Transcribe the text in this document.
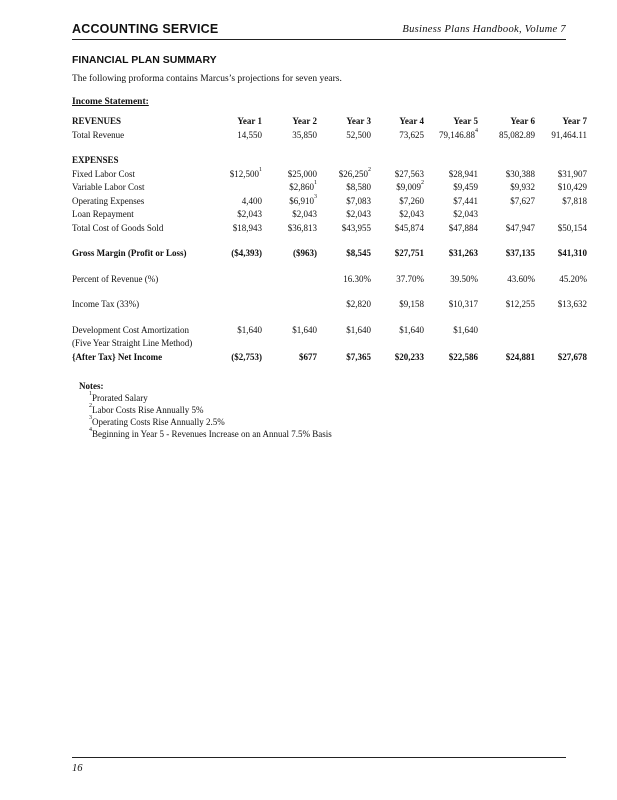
ACCOUNTING SERVICE	Business Plans Handbook, Volume 7
FINANCIAL PLAN SUMMARY
The following proforma contains Marcus’s projections for seven years.
Income Statement:
REVENUES	Year 1	Year 2	Year 3	Year 4	Year 5	Year 6	Year 7
Total Revenue	14,550	35,850	52,500	73,625	79,146.88$^4$	85,082.89	91,464.11

EXPENSES							
Fixed Labor Cost	$12,500$^1$	$25,000	$26,250$^2$	$27,563	$28,941	$30,388	$31,907
Variable Labor Cost		$2,860$^1$	$8,580	$9,009$^2$	$9,459	$9,932	$10,429
Operating Expenses	4,400	$6,910$^3$	$7,083	$7,260	$7,441	$7,627	$7,818
Loan Repayment	$2,043	$2,043	$2,043	$2,043	$2,043		
Total Cost of Goods Sold	$18,943	$36,813	$43,955	$45,874	$47,884	$47,947	$50,154

Gross Margin (Profit or Loss)	($4,393)	($963)	$8,545	$27,751	$31,263	$37,135	$41,310

Percent of Revenue (%)			16.30%	37.70%	39.50%	43.60%	45.20%

Income Tax (33%)			$2,820	$9,158	$10,317	$12,255	$13,632

Development Cost Amortization	$1,640	$1,640	$1,640	$1,640	$1,640		
(Five Year Straight Line Method)							
{After Tax} Net Income	($2,753)	$677	$7,365	$20,233	$22,586	$24,881	$27,678
Notes:
$^1$Prorated Salary
$^2$Labor Costs Rise Annually 5%
$^3$Operating Costs Rise Annually 2.5%
$^4$Beginning in Year 5 - Revenues Increase on an Annual 7.5% Basis
16
